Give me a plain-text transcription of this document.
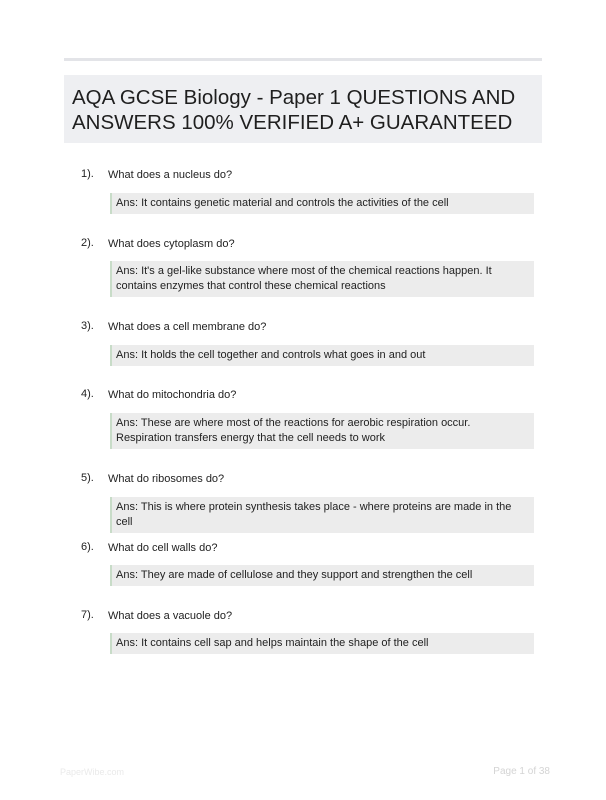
AQA GCSE Biology - Paper 1 QUESTIONS AND ANSWERS 100% VERIFIED A+ GUARANTEED
1). What does a nucleus do?
Ans: It contains genetic material and controls the activities of the cell
2). What does cytoplasm do?
Ans: It's a gel-like substance where most of the chemical reactions happen. It contains enzymes that control these chemical reactions
3). What does a cell membrane do?
Ans: It holds the cell together and controls what goes in and out
4). What do mitochondria do?
Ans: These are where most of the reactions for aerobic respiration occur. Respiration transfers energy that the cell needs to work
5). What do ribosomes do?
Ans: This is where protein synthesis takes place - where proteins are made in the cell
6). What do cell walls do?
Ans: They are made of cellulose and they support and strengthen the cell
7). What does a vacuole do?
Ans: It contains cell sap and helps maintain the shape of the cell
PaperWibe.com	Page 1 of 38
